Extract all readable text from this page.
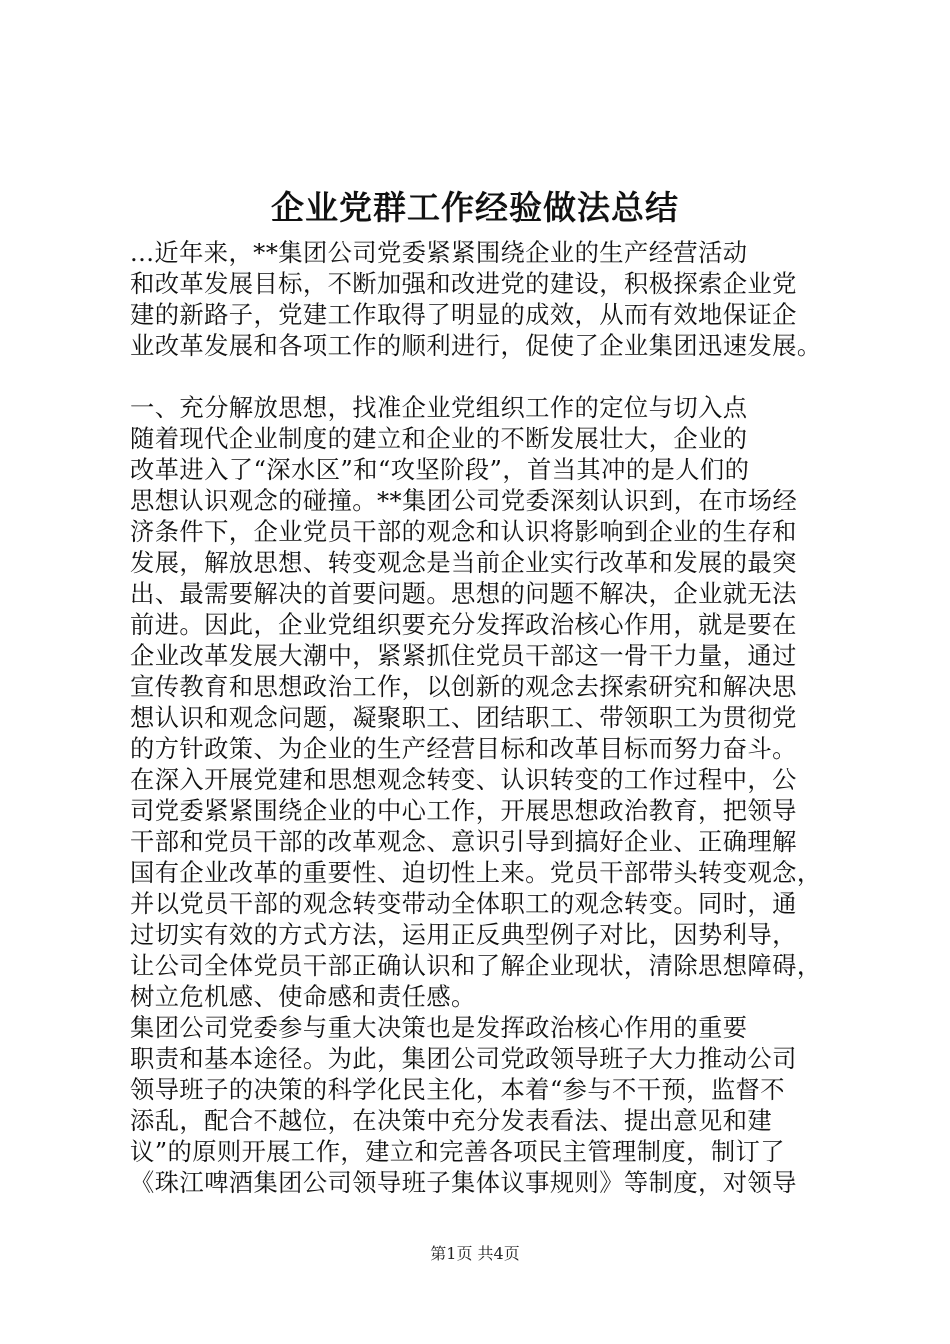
企业党群工作经验做法总结
...近年来，**集团公司党委紧紧围绕企业的生产经营活动
和改革发展目标，不断加强和改进党的建设，积极探索企业党
建的新路子，党建工作取得了明显的成效，从而有效地保证企
业改革发展和各项工作的顺利进行，促使了企业集团迅速发展。
一、充分解放思想，找准企业党组织工作的定位与切入点
随着现代企业制度的建立和企业的不断发展壮大，企业的
改革进入了“深水区”和“攻坚阶段”，首当其冲的是人们的
思想认识观念的碰撞。**集团公司党委深刻认识到，在市场经
济条件下，企业党员干部的观念和认识将影响到企业的生存和
发展，解放思想、转变观念是当前企业实行改革和发展的最突
出、最需要解决的首要问题。思想的问题不解决，企业就无法
前进。因此，企业党组织要充分发挥政治核心作用，就是要在
企业改革发展大潮中，紧紧抓住党员干部这一骨干力量，通过
宣传教育和思想政治工作，以创新的观念去探索研究和解决思
想认识和观念问题，凝聚职工、团结职工、带领职工为贯彻党
的方针政策、为企业的生产经营目标和改革目标而努力奋斗。
在深入开展党建和思想观念转变、认识转变的工作过程中，公
司党委紧紧围绕企业的中心工作，开展思想政治教育，把领导
干部和党员干部的改革观念、意识引导到搞好企业、正确理解
国有企业改革的重要性、迫切性上来。党员干部带头转变观念，
并以党员干部的观念转变带动全体职工的观念转变。同时，通
过切实有效的方式方法，运用正反典型例子对比，因势利导，
让公司全体党员干部正确认识和了解企业现状，清除思想障碍，
树立危机感、使命感和责任感。
集团公司党委参与重大决策也是发挥政治核心作用的重要
职责和基本途径。为此，集团公司党政领导班子大力推动公司
领导班子的决策的科学化民主化，本着“参与不干预，监督不
添乱，配合不越位，在决策中充分发表看法、提出意见和建
议”的原则开展工作，建立和完善各项民主管理制度，制订了
《珠江啤酒集团公司领导班子集体议事规则》等制度，对领导
第1页 共4页
